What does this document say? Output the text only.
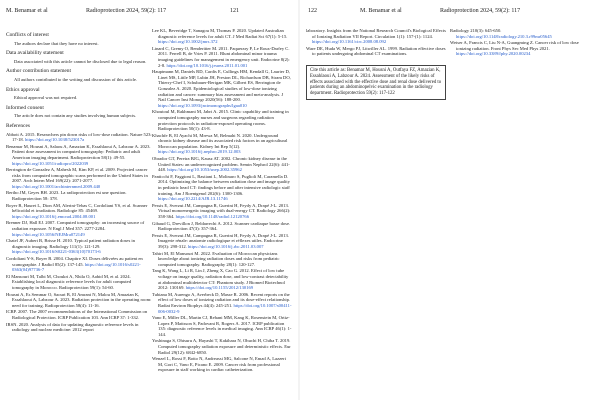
M. Benamar et al	Radioprotection 2024, 59(2): 117	121
Conflicts of interest
The authors declare that they have no interest.
Data availability statement
Data associated with this article cannot be disclosed due to legal reason.
Author contribution statement
All authors contributed to the writing and discussion of this article.
Ethics approval
Ethical approval was not required.
Informed consent
The article does not contain any studies involving human subjects.
References
Abbott A. 2015. Researchers pin down risks of low-dose radiation. Nature 523: 17-18. https://doi.org/10.1038/523017a
Benamar M, Housni A, Salaou A, Amazian K, Essahlaoui A, Labzour A. 2023. Patient dose assessment in computed tomography: Pediatric and adult American imaging department. Radioprotection 58(1): 49-55. https://doi.org/10.1051/radiopro/2022039
Berrington de Gonzalez A, Mahesh M, Kim KP, et al. 2009. Projected cancer risks from computed tomographic scans performed in the United States in 2007. Arch Intern Med 169(22): 2071-2077. https://doi.org/10.1001/archinternmed.2009.440
Bertho JM, Geyes BH. 2023. La radioprotection est une question. Radioprotection 58: 378.
Boyer B, Hauret L, Dion AM, Alerini-Tebas C, Cordoliani YS, et al. Scanner hélicoïdal et irradiation. Radiologie 85: 45469. https://doi.org/10.1016/j.emcrad.2004.08.001
Brenner DJ, Hall EJ. 2007. Computed tomography: an increasing source of radiation exposure. N Engl J Med 357: 2277-2284. https://doi.org/10.1056/NEJMra072149
Chatel JF, Aubert B, Brisse H. 2010. Typical patient radiation doses in diagnostic imaging. Radiology 111(1): 121-129. https://doi.org/10.1016/S0221-0363(10)70173-6
Cordoliani Y-S, Boyer B. 2004. Chapitre XI. Doses délivrées au patient en scanographie. J Radiol 85(2): 137-145. https://doi.org/10.1016/s0221-0363(04)97736-7
El Mansouri M, Talbi M, Choukri A, Nhila O, Aabid M, et al. 2024. Establishing local diagnostic reference levels for adult computed tomography in Morocco. Radioprotection 59(1): 54-60.
Housni A, Es Semmar O, Saouri B, El Amrani N, Malou M, Amazian K, Essahlaoui A, Labzour A. 2023. Radiation protection in the operating room: need for training. Radioprotection 58(4): 11-16.
ICRP. 2007. The 2007 recommendations of the International Commission on Radiological Protection. ICRP Publication 103. Ann ICRP 37: 1-332.
IRSN. 2020. Analysis of data for updating diagnostic reference levels in radiology and nuclear medicine: 2012 report
Lee KL, Beveridge T, Sanagou M, Thomas P. 2020. Updated Australian diagnostic reference levels for adult CT. J Med Radiat Sci 67(1): 5-15. https://doi.org/10.1002/jmrs.372
Linard C, Gremy O, Benderitter M. 2011. Paquerary P, Le Roux-Darfey C. 2011. Ferrell B, de Vries P. 2011. Blunt abdominal minor trauma imaging guidelines for management in emergency unit. Endocrine 8(2): 2-8. https://doi.org/10.1016/j.jeurea.2011.01.001
Hauptmann M, Daniels RD, Cardis E, Cullings HM, Kendall G, Laurier D, Linet MS, Little MP, Lubin JH, Preston DL, Richardson DB, Stram DO, Thierry-Chef I, Schubauer-Berigan MK, Gilbert ES, Berrington de Gonzalez A. 2020. Epidemiological studies of low-dose ionizing radiation and cancer: summary bias assessment and meta-analysis. J Natl Cancer Inst Monogr 2020(56): 188-200. https://doi.org/10.1093/jncimonographs/lgaa010
Khoutoul M, Rakhmani M, Jabri A. 2015. Clinic capability and training in computed tomography nurses and surgeons regarding radiation protection protocols in radiation-exposed operating rooms. Radioprotection 50(1): 43-8.
Khachfe B, El Ayachi M, Mrewa M, Belmahi N. 2020. Underground chronic kidney disease and its associated risk factors in an agricultural Moroccan population. Kidney Int Rep 5(12). https://doi.org/10.1016/j.nephro.2019.12.003
Obrador GT, Pereira BJG, Kausz AT. 2002. Chronic kidney disease in the United States: an underrecognized problem. Semin Nephrol 22(6): 441-448. https://doi.org/10.1053/snep.2002.35962
Panticchi F, Faggioni L, Bastiani L, Molinaro S, Puglioli M, Caramella D. 2014. Optimizing the balance between radiation dose and image quality in pediatric head CT: findings before and after intensive radiologic staff training. Am J Roentgenol 202(6): 1300-1306. https://doi.org/10.2214/AJR.13.11746
Pessis E, Sverzut JM, Campagna R, Guerini H, Feydy A, Drapé J-L. 2013. Virtual monoenergetic imaging with dual-energy CT. Radiology 266(2): 358-364. https://doi.org/10.1148/radiol.12120766
Gibaud G, Drevillon J, Beldarrechi A. 2012. Scanner cardiaque basse dose. Radioprotection 47(3): 357-364.
Pessis E, Sverzut JM, Campagna R, Guerini H, Feydy A, Drapé J-L. 2013. Imagerie rénale: anatomie radiologique et réflexes utiles. Endocrine 39(3): 298-312. https://doi.org/10.1016/j.rbc.2011.03.007
Tahiri M, El Mansouri M. 2022. Evaluation of Moroccan physicians knowledge about ionizing radiation doses and risks from pediatric computed tomography. Radiography 28(1): 120-127.
Tang K, Wang L, Li R, Lin J, Zheng X, Cao G. 2012. Effect of low tube voltage on image quality, radiation dose, and low-contrast detectability at abdominal multidetector CT: Phantom study. J Biomed Biotechnol 2012: 130169. https://doi.org/10.1155/2012/130169
Tubiana M, Aurengo A, Averbeck D, Masse R. 2006. Recent reports on the effect of low doses of ionizing radiation and its dose-effect relationship. Radiat Environ Biophys 44(4): 245-251. https://doi.org/10.1007/s00411-006-0032-9
Vano E, Miller DL, Martin CJ, Rehani MM, Kang K, Rosenstein M, Ortiz-Lopez P, Mattsson S, Padovani R, Rogers A. 2017. ICRP publication 135: diagnostic reference levels in medical imaging. Ann ICRP 46(1): 1-144.
Yoshinaga S, Ohtsuru A, Hayashi T, Kakihara N, Ohuchi H, Chiba T. 2019. Computed tomography radiation exposure and deterministic effects. Eur Radiol 29(12): 6842-6850.
Wenzel L, Rossi F, Botto N, Andreassi MG, Salcone N, Emad A, Lazzeri M, Gori C, Vano E, Picano E. 2009. Cancer risk from professional exposure in staff working in cardiac catheterization.
122	M. Benamar et al	Radioprotection 2024, 59(2): 117
laboratory. Insights from the National Research Council's Biological Effects of Ionizing Radiation VII Report. Circulation 1(1): 157-(1): 1124. https://doi.org/10.1161/circ.2008.08.092
Ware DE, Huda W, Mergo PJ, Litwiller AL. 1999. Radiation effective doses to patients undergoing abdominal CT examinations.
Cite this article as: Benamar M, Housni A, Outfaya FZ, Amazian K, Essahlaoui A, Labzour A. 2024. Assessment of the likely risks of effects associated with the effective dose and renal dose delivered to patients during an abdominopelvic examination in the radiology department. Radioprotection 59(2): 117-122
Radiology 210(3): 645-650. https://doi.org/10.1148/radiology.210.3.r99mr05645
Weiser A, Francis C, Liu N-A, Guangming Z. Cancer risk of low dose ionizing radiation. Front Phys Sec Med Phys 2021. https://doi.org/10.3389/fphy.2020.00234
